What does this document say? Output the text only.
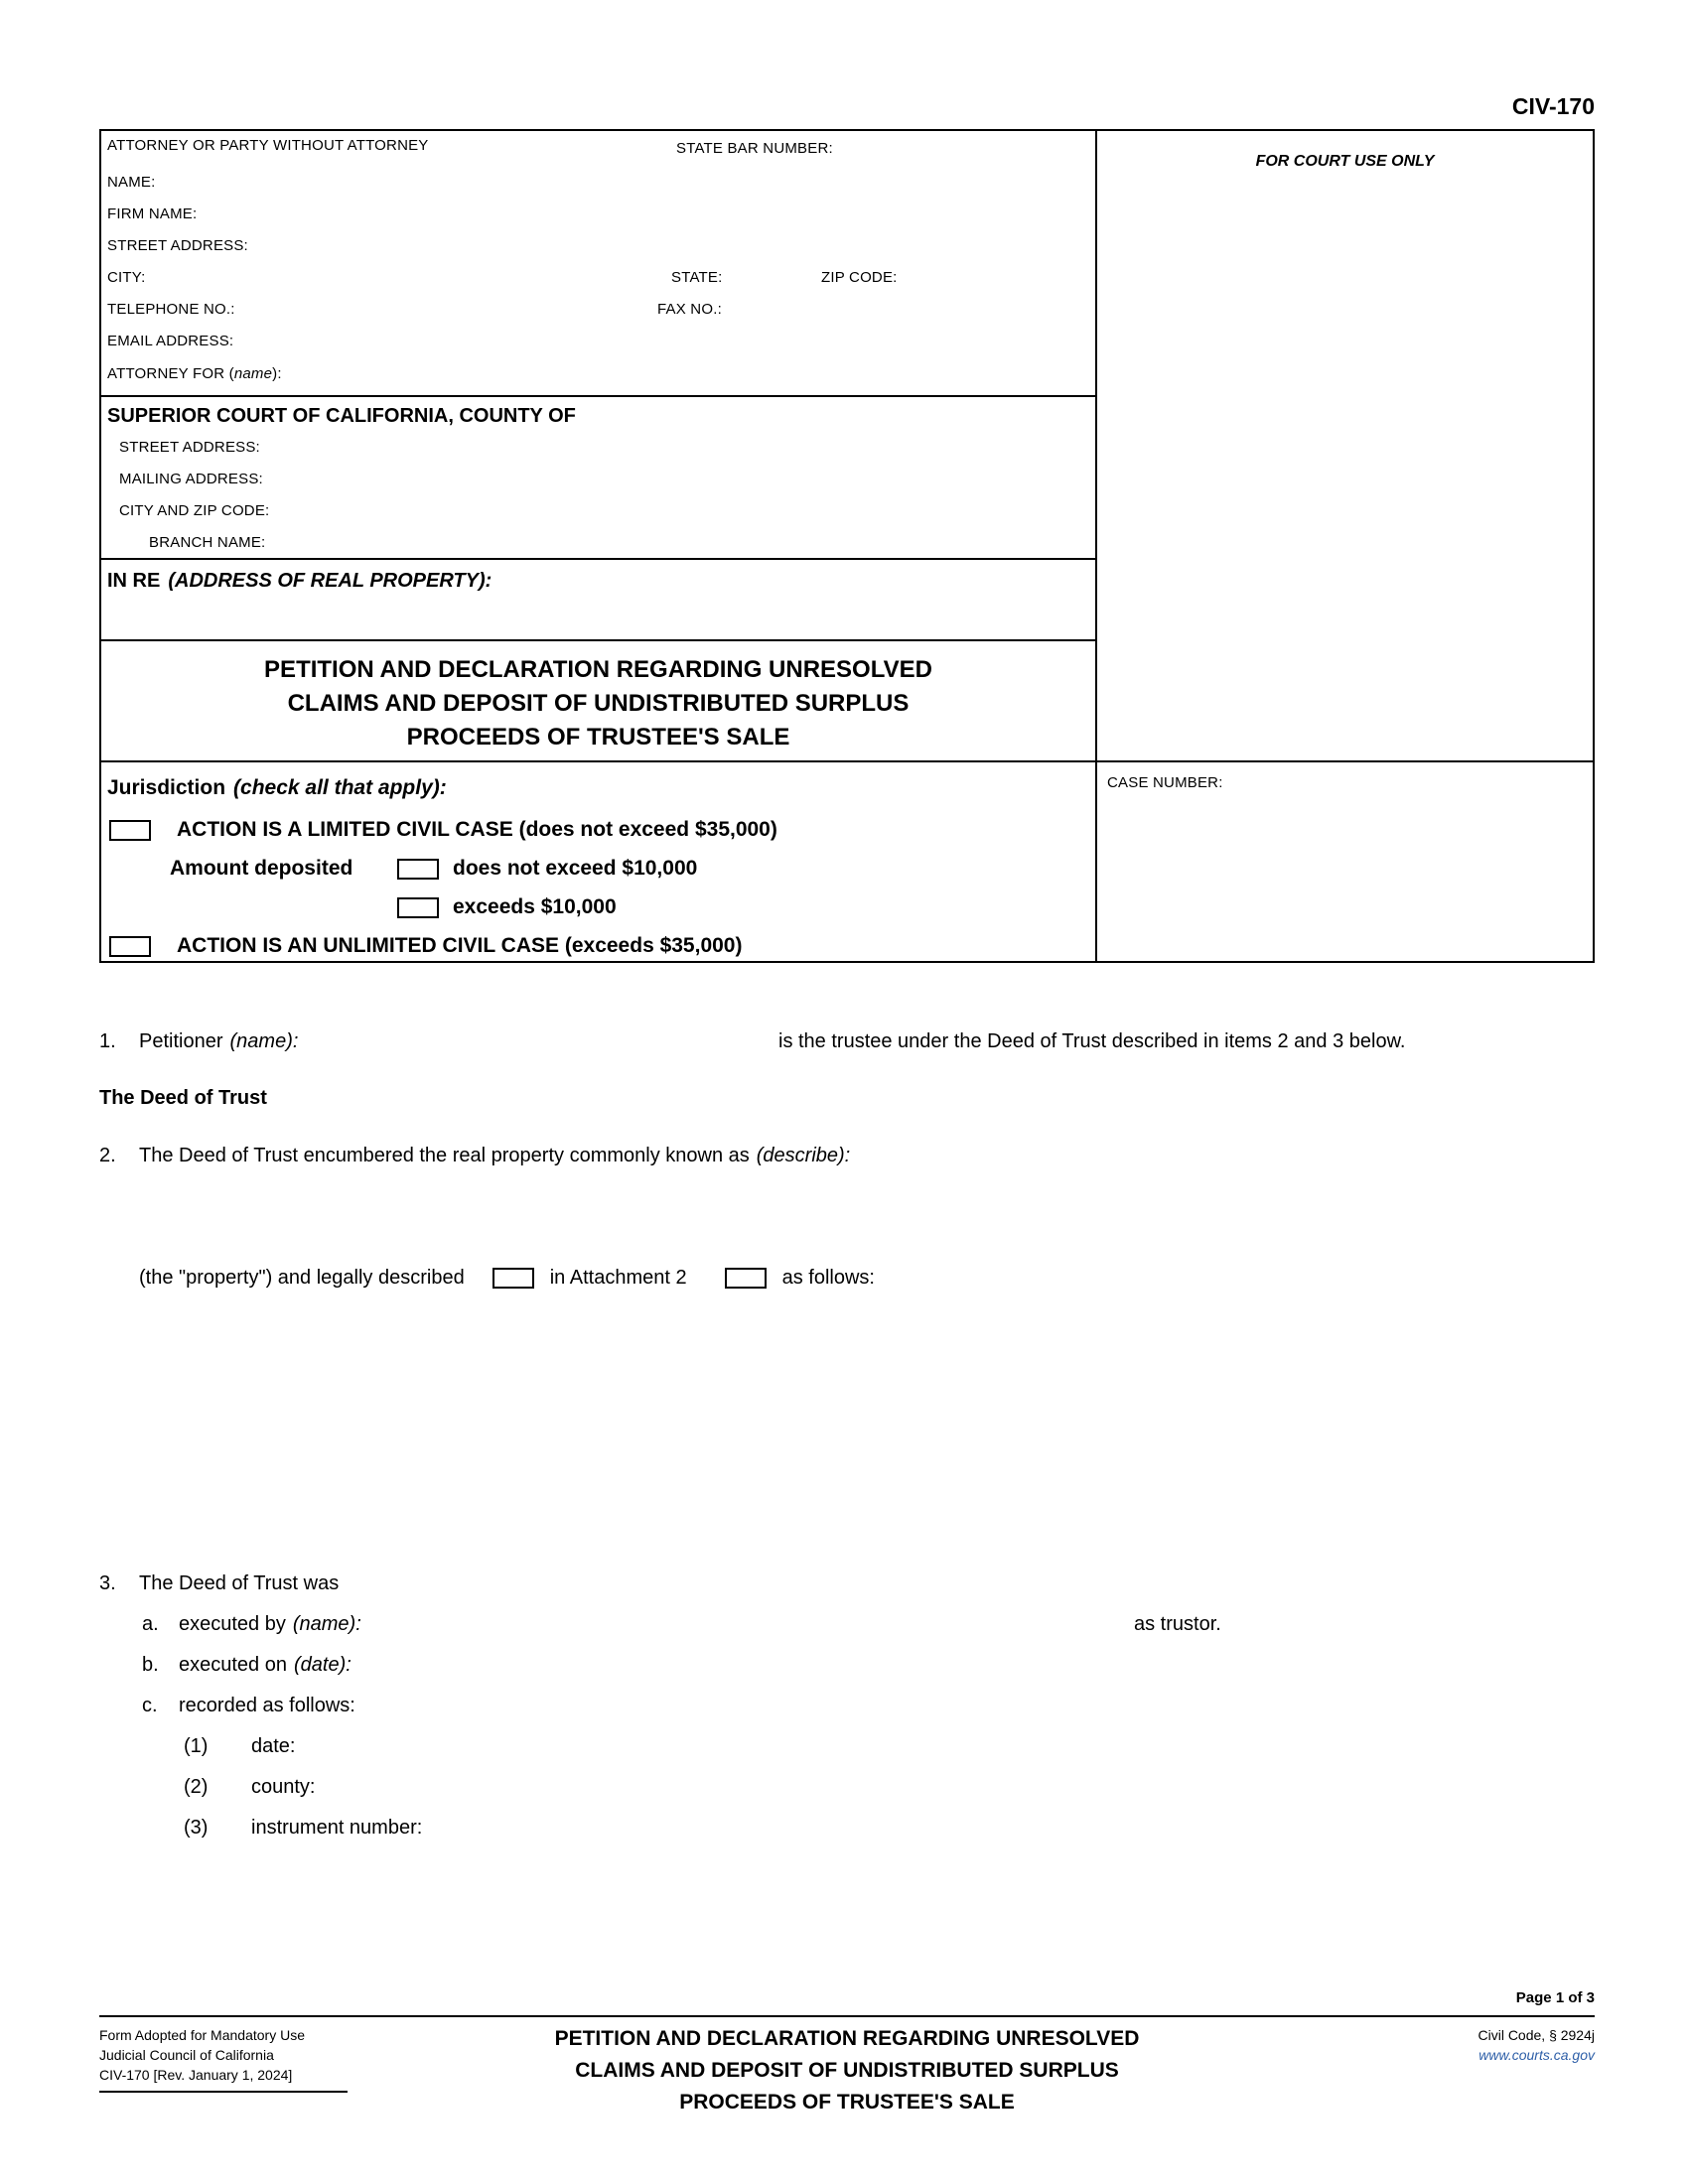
CIV-170
ATTORNEY OR PARTY WITHOUT ATTORNEY	STATE BAR NUMBER:
NAME:
FIRM NAME:
STREET ADDRESS:
CITY:	STATE:	ZIP CODE:
TELEPHONE NO.:	FAX NO.:
EMAIL ADDRESS:
ATTORNEY FOR (name):
SUPERIOR COURT OF CALIFORNIA, COUNTY OF
STREET ADDRESS:
MAILING ADDRESS:
CITY AND ZIP CODE:
BRANCH NAME:
IN RE (ADDRESS OF REAL PROPERTY):
PETITION AND DECLARATION REGARDING UNRESOLVED
CLAIMS AND DEPOSIT OF UNDISTRIBUTED SURPLUS
PROCEEDS OF TRUSTEE'S SALE
Jurisdiction (check all that apply):
ACTION IS A LIMITED CIVIL CASE (does not exceed $35,000)
Amount deposited	does not exceed $10,000
exceeds $10,000
ACTION IS AN UNLIMITED CIVIL CASE (exceeds $35,000)
FOR COURT USE ONLY
CASE NUMBER:
1. Petitioner (name):	is the trustee under the Deed of Trust described in items 2 and 3 below.
The Deed of Trust
2. The Deed of Trust encumbered the real property commonly known as (describe):
(the "property") and legally described	in Attachment 2	as follows:
3. The Deed of Trust was
a. executed by (name):	as trustor.
b. executed on (date):
c. recorded as follows:
(1) date:
(2) county:
(3) instrument number:
Page 1 of 3
Form Adopted for Mandatory Use
Judicial Council of California
CIV-170 [Rev. January 1, 2024]
PETITION AND DECLARATION REGARDING UNRESOLVED
CLAIMS AND DEPOSIT OF UNDISTRIBUTED SURPLUS
PROCEEDS OF TRUSTEE'S SALE
Civil Code, § 2924j
www.courts.ca.gov
